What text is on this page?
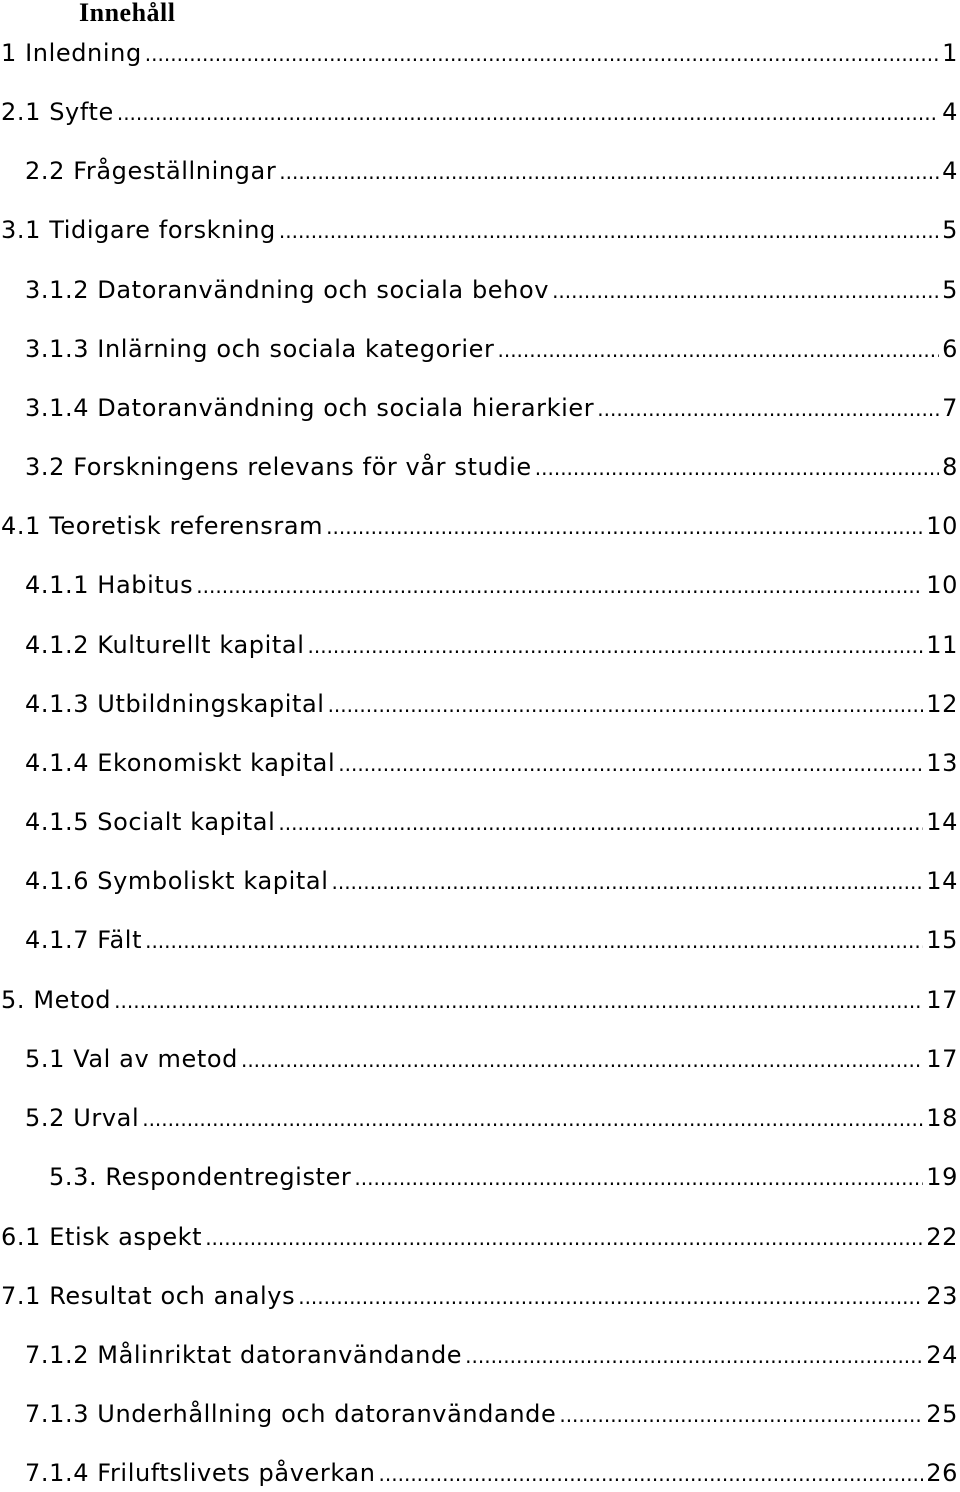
Innehåll
1 Inledning .....	1
2.1 Syfte .....	4
2.2 Frågeställningar .....	4
3.1 Tidigare forskning .....	5
3.1.2 Datoranvändning och sociala behov .....	5
3.1.3 Inlärning och sociala kategorier .....	6
3.1.4 Datoranvändning och sociala hierarkier .....	7
3.2 Forskningens relevans för vår studie .....	8
4.1 Teoretisk referensram .....	10
4.1.1 Habitus .....	10
4.1.2 Kulturellt kapital .....	11
4.1.3 Utbildningskapital .....	12
4.1.4 Ekonomiskt kapital .....	13
4.1.5 Socialt kapital .....	14
4.1.6 Symboliskt kapital .....	14
4.1.7 Fält .....	15
5. Metod .....	17
5.1 Val av metod .....	17
5.2 Urval .....	18
5.3. Respondentregister .....	19
6.1 Etisk aspekt .....	22
7.1 Resultat och analys .....	23
7.1.2 Målinriktat datoranvändande .....	24
7.1.3 Underhållning och datoranvändande .....	25
7.1.4 Friluftslivets påverkan .....	26
